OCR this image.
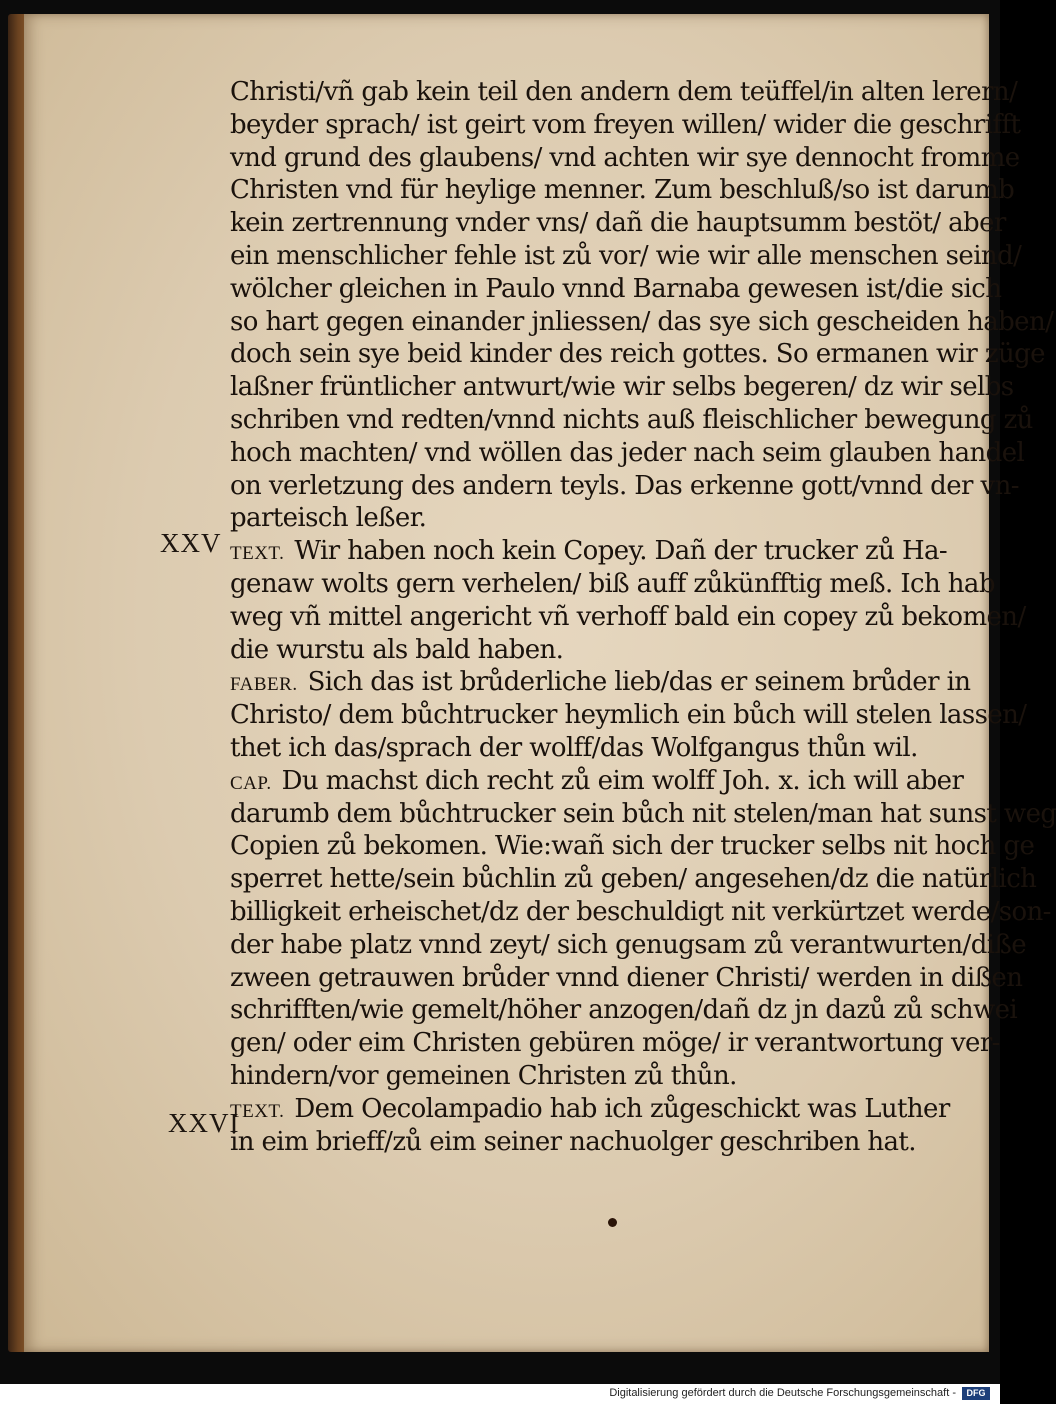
Christi/vñ gab kein teil den andern dem teüffel/in alten lerern/
beyder sprach/ ist geirt vom freyen willen/ wider die geschrifft
vnd grund des glaubens/ vnd achten wir sye dennocht fromme
Christen vnd für heylige menner. Zum beschluß/so ist darumb
kein zertrennung vnder vns/ dañ die hauptsumm bestöt/ aber
ein menschlicher fehle ist zů vor/ wie wir alle menschen seind/
wölcher gleichen in Paulo vnnd Barnaba gewesen ist/die sich
so hart gegen einander jnliessen/ das sye sich gescheiden haben/
doch sein sye beid kinder des reich gottes. So ermanen wir züge
laßner früntlicher antwurt/wie wir selbs begeren/ dz wir selbs
schriben vnd redten/vnnd nichts auß fleischlicher bewegung zů
hoch machten/ vnd wöllen das jeder nach seim glauben handel
on verletzung des andern teyls. Das erkenne gott/vnnd der vn-
parteisch leßer.
TEXT. Wir haben noch kein Copey. Dañ der trucker zů Ha-
genaw wolts gern verhelen/ biß auff zůkünfftig meß. Ich hab
weg vñ mittel angericht vñ verhoff bald ein copey zů bekomen/
die wurstu als bald haben.
FABER. Sich das ist brůderliche lieb/das er seinem brůder in
Christo/ dem bůchtrucker heymlich ein bůch will stelen lassen/
thet ich das/sprach der wolff/das Wolfgangus thůn wil.
CAP. Du machst dich recht zů eim wolff Joh. x. ich will aber
darumb dem bůchtrucker sein bůch nit stelen/man hat sunst weg
Copien zů bekomen. Wie:wañ sich der trucker selbs nit hoch ge
sperret hette/sein bůchlin zů geben/ angesehen/dz die natürlich
billigkeit erheischet/dz der beschuldigt nit verkürtzet werde/son-
der habe platz vnnd zeyt/ sich genugsam zů verantwurten/diße
zween getrauwen brůder vnnd diener Christi/ werden in dißen
schrifften/wie gemelt/höher anzogen/dañ dz jn dazů zů schwei
gen/ oder eim Christen gebüren möge/ ir verantwortung ver-
hindern/vor gemeinen Christen zů thůn.
TEXT. Dem Oecolampadio hab ich zůgeschickt was Luther
in eim brieff/zů eim seiner nachuolger geschriben hat.
XXV
XXVI
Digitalisierung gefördert durch die Deutsche Forschungsgemeinschaft -	DFG
